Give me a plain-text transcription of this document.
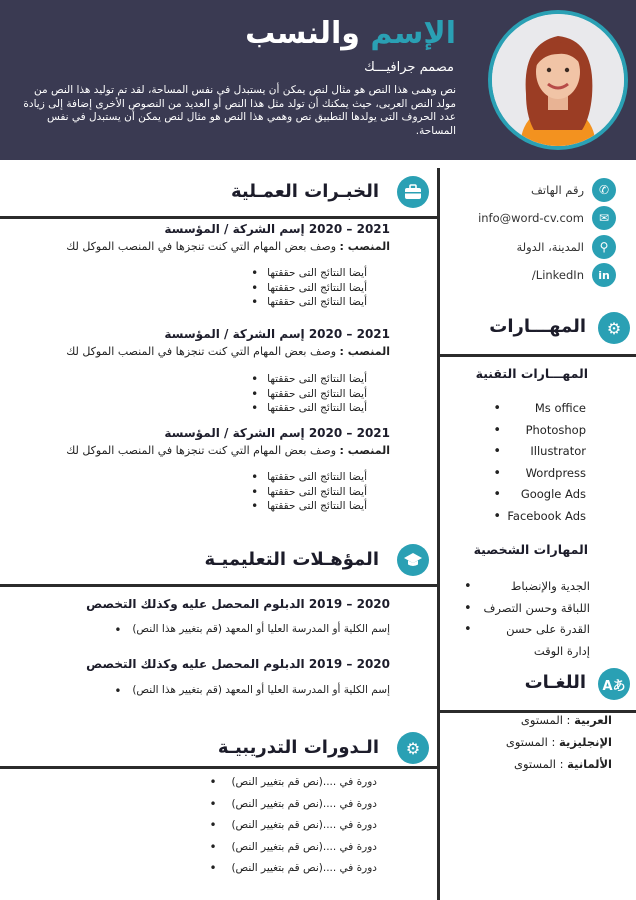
الإسم والنسب

مصمم جرافيـــك

نص وهمى هذا النص هو مثال لنص يمكن أن يستبدل في نفس المساحة، لقد تم توليد هذا النص من مولد النص العربى، حيث يمكنك أن تولد مثل هذا النص أو العديد من النصوص الأخرى إضافة إلى زيادة عدد الحروف التى يولدها التطبيق نص وهمي هذا النص هو مثال لنص يمكن أن يستبدل في نفس المساحة.

✆
رقم الهاتف
✉
info@word-cv.com
⚲
المدينة، الدولة
in
/LinkedIn
⚙
المهـــارات
المهـــارات التقنية
Ms office •
Photoshop •
Illustrator •
Wordpress •
Google Ads •
Facebook Ads •
المهارات الشخصية
الجدية والإنضباط •
اللباقة وحسن التصرف •
القدرة على حسن إدارة الوقت •
Aあ
اللغـات
العربية : المستوى
الإنجليزية : المستوى
الألمانية : المستوى
الخبـرات العمـلية

2021 – 2020 إسم الشركة / المؤسسة

المنصب : وصف بعض المهام التي كنت تنجزها في المنصب الموكل لك

أيضا النتائج التى حققتها •
أيضا النتائج التى حققتها •
أيضا النتائج التى حققتها •

2021 – 2020 إسم الشركة / المؤسسة

المنصب : وصف بعض المهام التي كنت تنجزها في المنصب الموكل لك

أيضا النتائج التى حققتها •
أيضا النتائج التى حققتها •
أيضا النتائج التى حققتها •

2021 – 2020 إسم الشركة / المؤسسة

المنصب : وصف بعض المهام التي كنت تنجزها في المنصب الموكل لك

أيضا النتائج التى حققتها •
أيضا النتائج التى حققتها •
أيضا النتائج التى حققتها •
المؤهـلات التعليميـة

2020 – 2019 الدبلوم المحصل عليه وكذلك التخصص

إسم الكلية أو المدرسة العليا أو المعهد (قم بتغيير هذا النص) •

2020 – 2019 الدبلوم المحصل عليه وكذلك التخصص

إسم الكلية أو المدرسة العليا أو المعهد (قم بتغيير هذا النص) •
⚙
الـدورات التدريبيـة
دورة في ....(نص قم بتغيير النص) •
دورة في ....(نص قم بتغيير النص) •
دورة في ....(نص قم بتغيير النص) •
دورة في ....(نص قم بتغيير النص) •
دورة في ....(نص قم بتغيير النص) •
